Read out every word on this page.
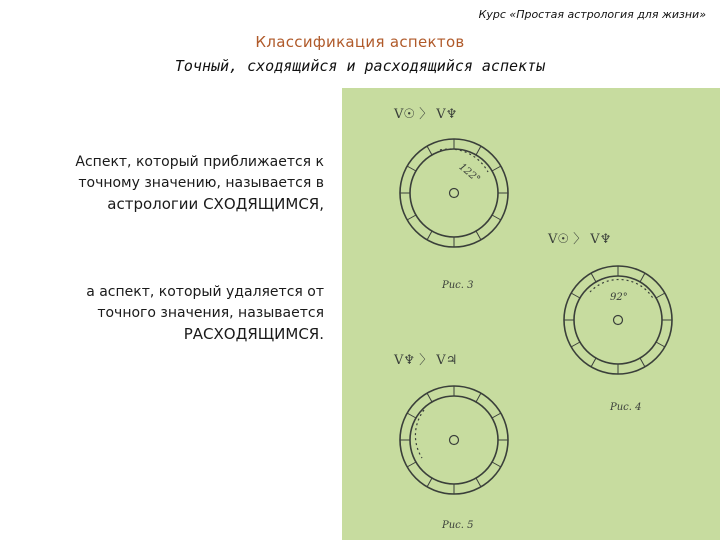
Курс «Простая астрология для жизни»
Классификация аспектов
Точный, сходящийся и расходящийся аспекты
Аспект, который приближается к
точному значению, называется в
астрологии СХОДЯЩИМСЯ,
а аспект, который удаляется от
точного значения, называется
РАСХОДЯЩИМСЯ.
V☉ 〉 V♆
122°
Рис. 3
V☉ 〉 V♆
92°
Рис. 4
V♆ 〉 V♃
Рис. 5
